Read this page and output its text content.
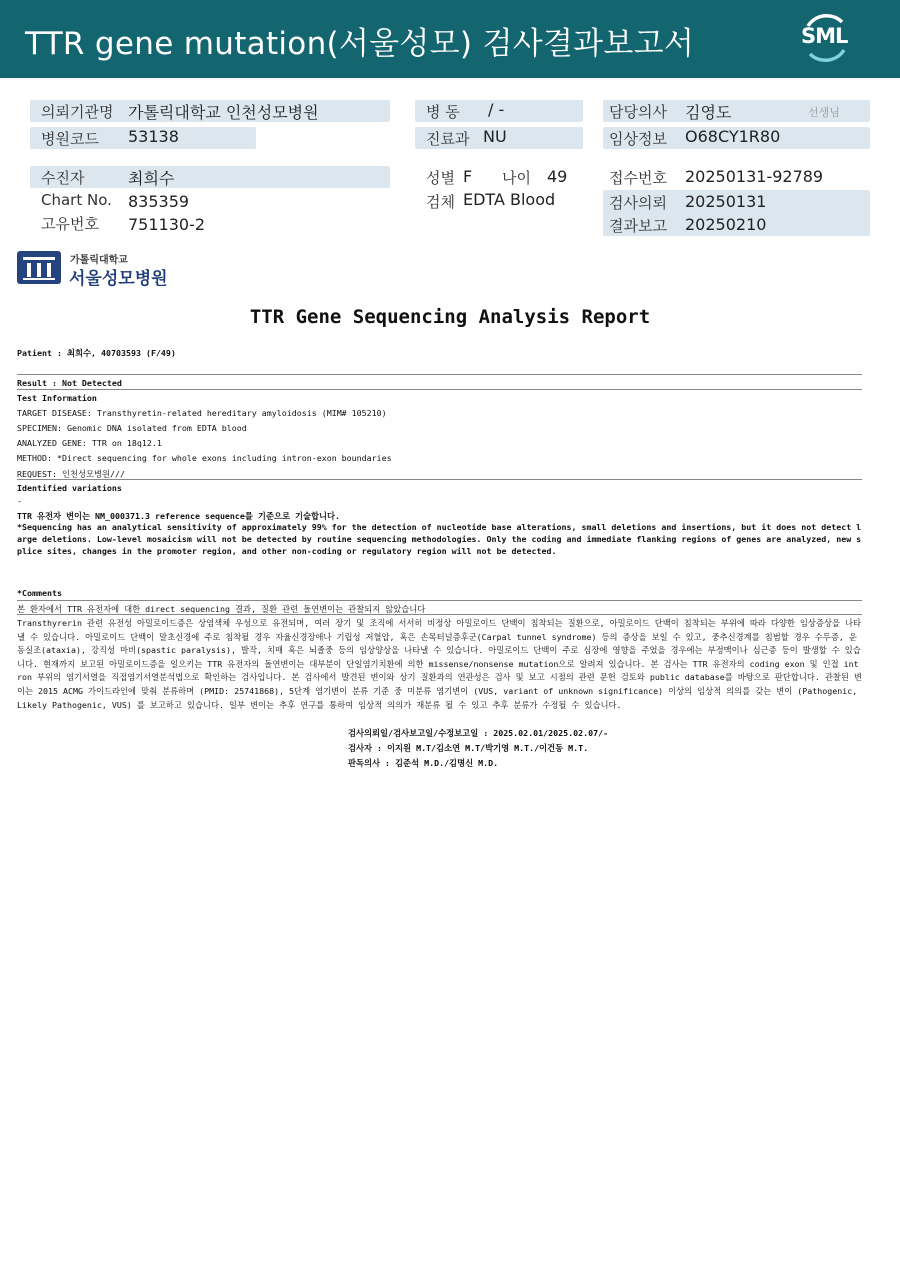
TTR gene mutation(서울성모) 검사결과보고서	SML
의뢰기관명 가톨릭대학교 인천성모병원
병원코드 53138
병 동 / -
진료과 NU
담당의사 김영도	선생님
임상정보 O68CY1R80
수진자	최희수
Chart No. 835359
고유번호 751130-2
성별 F 나이 49
검체 EDTA Blood
접수번호 20250131-92789
검사의뢰 20250131
결과보고 20250210
가톨릭대학교
서울성모병원
TTR Gene Sequencing Analysis Report
Patient : 최희수, 40703593 (F/49)
Result : Not Detected
Test Information
TARGET DISEASE: Transthyretin-related hereditary amyloidosis (MIM# 105210)
SPECIMEN: Genomic DNA isolated from EDTA blood
ANALYZED GENE: TTR on 18q12.1
METHOD: *Direct sequencing for whole exons including intron-exon boundaries
REQUEST: 인천성모병원///
Identified variations
-
TTR 유전자 변이는 NM_000371.3 reference sequence를 기준으로 기술합니다.
*Sequencing has an analytical sensitivity of approximately 99% for the detection of nucleotide base alterations, small deletions and insertions, but it does not detect large deletions. Low-level mosaicism will not be detected by routine sequencing methodologies. Only the coding and immediate flanking regions of genes are analyzed, new splice sites, changes in the promoter region, and other non-coding or regulatory region will not be detected.
*Comments
본 환자에서 TTR 유전자에 대한 direct sequencing 결과, 질환 관련 돌연변이는 관찰되지 않았습니다
Transthyrerin 관련 유전성 아밀로이드증은 상염색체 우성으로 유전되며, 여러 장기 및 조직에 서서히 비정상 아밀로이드 단백이 침착되는 질환으로, 아밀로이드 단백이 침착되는 부위에 따라 다양한 임상증상을 나타낼 수 있습니다. 아밀로이드 단백이 말초신경에 주로 침착될 경우 자율신경장애나 기립성 저혈압, 혹은 손목터널증후군(Carpal tunnel syndrome) 등의 증상을 보일 수 있고, 중추신경계를 침범할 경우 수두증, 운동실조(ataxia), 강직성 마비(spastic paralysis), 발작, 치매 혹은 뇌졸중 등의 임상양상을 나타낼 수 있습니다. 아밀로이드 단백이 주로 심장에 영향을 주었을 경우에는 부정맥이나 심근증 등이 발생할 수 있습니다. 현재까지 보고된 아밀로이드증을 일으키는 TTR 유전자의 돌연변이는 대부분이 단일염기치환에 의한 missense/nonsense mutation으로 알려져 있습니다. 본 검사는 TTR 유전자의 coding exon 및 인접 intron 부위의 염기서열을 직접염기서열분석법으로 확인하는 검사입니다. 본 검사에서 발견된 변이와 상기 질환과의 연관성은 검사 및 보고 시점의 관련 문헌 검토와 public database를 바탕으로 판단합니다. 관찰된 변이는 2015 ACMG 가이드라인에 맞춰 분류하며 (PMID: 25741868), 5단계 염기변이 분류 기준 중 미분류 염기변이 (VUS, variant of unknown significance) 이상의 임상적 의의를 갖는 변이 (Pathogenic, Likely Pathogenic, VUS) 를 보고하고 있습니다. 일부 변이는 추후 연구를 통하여 임상적 의의가 재분류 될 수 있고 추후 분류가 수정될 수 있습니다.
검사의뢰일/검사보고일/수정보고일 : 2025.02.01/2025.02.07/-
검사자 : 이지원 M.T/김소연 M.T/박기영 M.T./이건동 M.T.
판독의사 : 김준석 M.D./김명신 M.D.
